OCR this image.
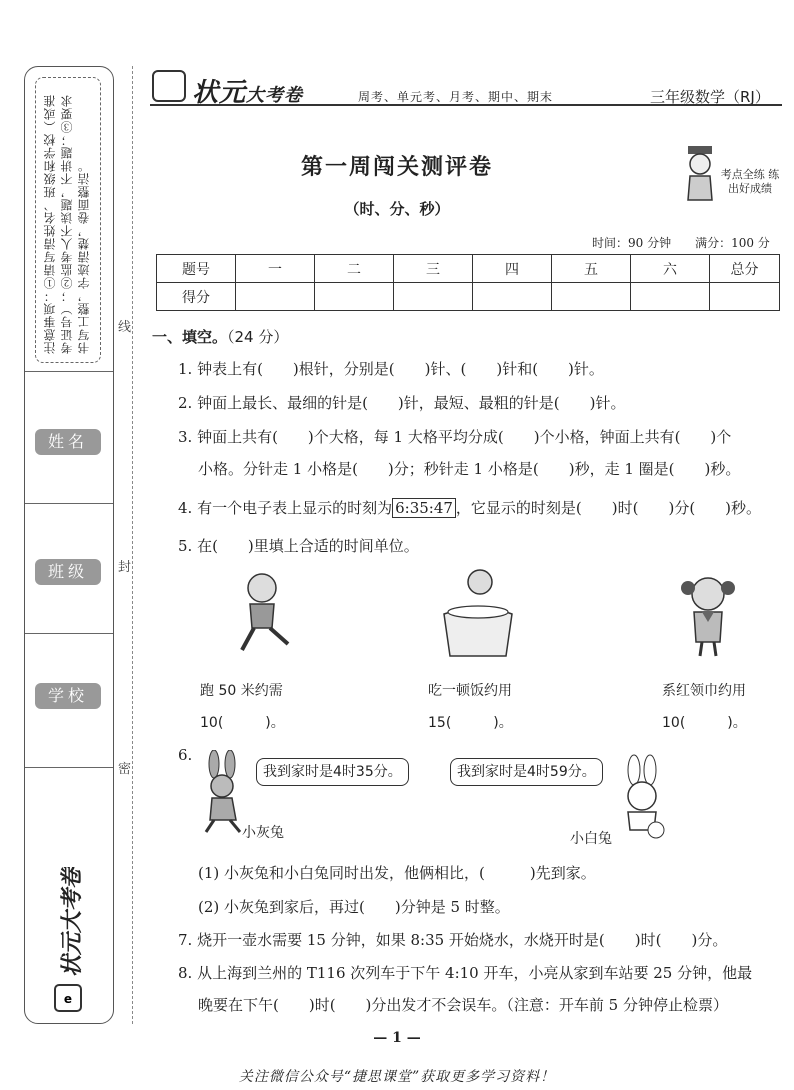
注意事项：①请写清姓名、班级和学校（或准考证号）；②监考人不读题，不讲题；③要求书写工整，字迹清楚，卷面整洁。
姓名
班级
学校
e
状元大考卷
线
封
密
状元大考卷	周考、单元考、月考、期中、期末	三年级数学（RJ）
第一周闯关测评卷
（时、分、秒）
考点全练 练出好成绩
时间：90 分钟　　满分：100 分
题号	一	二	三	四	五	六	总分
得分							
一、填空。（24 分）
1. 钟表上有(　　)根针，分别是(　　)针、(　　)针和(　　)针。
2. 钟面上最长、最细的针是(　　)针，最短、最粗的针是(　　)针。
3. 钟面上共有(　　)个大格，每 1 大格平均分成(　　)个小格，钟面上共有(　　)个
小格。分针走 1 小格是(　　)分；秒针走 1 小格是(　　)秒，走 1 圈是(　　)秒。
4. 有一个电子表上显示的时刻为 6:35:47 ，它显示的时刻是(　　)时(　　)分(　　)秒。
5. 在(　　)里填上合适的时间单位。
跑 50 米约需	吃一顿饭约用	系红领巾约用
10(　　　)。	15(　　　)。	10(　　　)。
6.
我到家时是4时35分。	我到家时是4时59分。
小灰兔	小白兔
(1) 小灰兔和小白兔同时出发，他俩相比，(　　　)先到家。
(2) 小灰兔到家后，再过(　　)分钟是 5 时整。
7. 烧开一壶水需要 15 分钟，如果 8:35 开始烧水，水烧开时是(　　)时(　　)分。
8. 从上海到兰州的 T116 次列车于下午 4:10 开车，小亮从家到车站要 25 分钟，他最
晚要在下午(　　)时(　　)分出发才不会误车。（注意：开车前 5 分钟停止检票）
— 1 —
关注微信公众号“捷思课堂”获取更多学习资料！
